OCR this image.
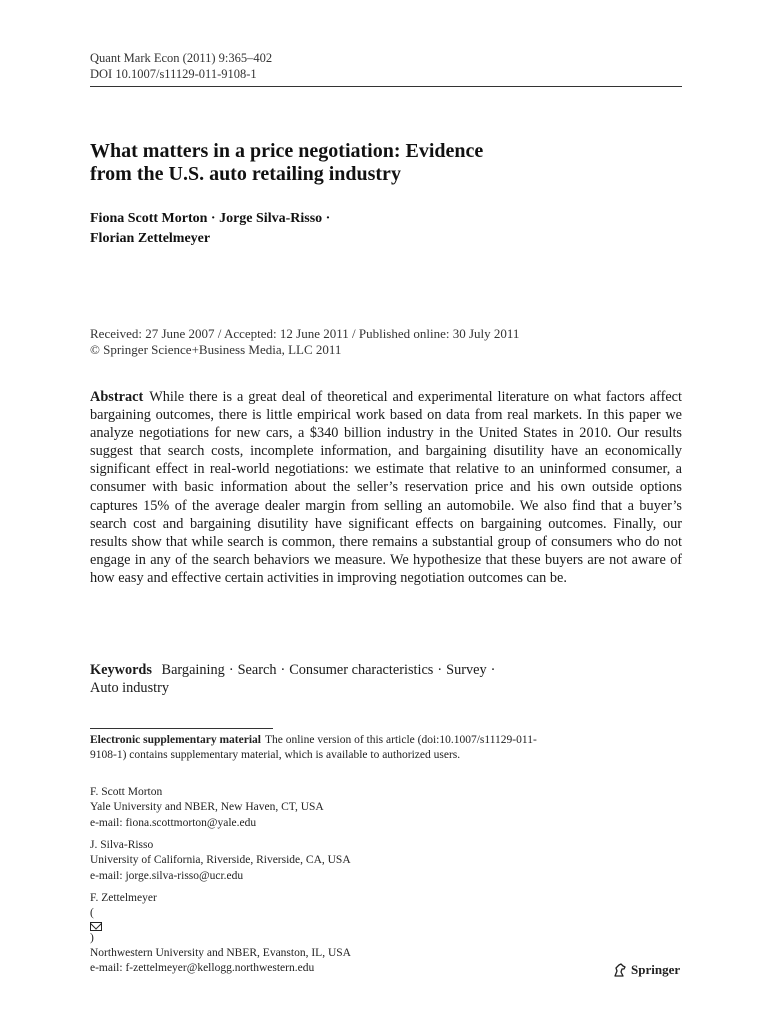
Quant Mark Econ (2011) 9:365–402
DOI 10.1007/s11129-011-9108-1
What matters in a price negotiation: Evidence
from the U.S. auto retailing industry
Fiona Scott Morton · Jorge Silva-Risso ·
Florian Zettelmeyer
Received: 27 June 2007 / Accepted: 12 June 2011 / Published online: 30 July 2011
© Springer Science+Business Media, LLC 2011
Abstract While there is a great deal of theoretical and experimental literature on what factors affect bargaining outcomes, there is little empirical work based on data from real markets. In this paper we analyze negotiations for new cars, a $340 billion industry in the United States in 2010. Our results suggest that search costs, incomplete information, and bargaining disutility have an economically significant effect in real-world negotiations: we estimate that relative to an uninformed consumer, a consumer with basic information about the seller’s reservation price and his own outside options captures 15% of the average dealer margin from selling an automobile. We also find that a buyer’s search cost and bargaining disutility have significant effects on bargaining outcomes. Finally, our results show that while search is common, there remains a substantial group of consumers who do not engage in any of the search behaviors we measure. We hypothesize that these buyers are not aware of how easy and effective certain activities in improving negotiation outcomes can be.
Keywords Bargaining · Search · Consumer characteristics · Survey ·
Auto industry
Electronic supplementary material The online version of this article (doi:10.1007/s11129-011-9108-1) contains supplementary material, which is available to authorized users.
F. Scott Morton
Yale University and NBER, New Haven, CT, USA
e-mail: fiona.scottmorton@yale.edu
J. Silva-Risso
University of California, Riverside, Riverside, CA, USA
e-mail: jorge.silva-risso@ucr.edu
F. Zettelmeyer
(
)
Northwestern University and NBER, Evanston, IL, USA
e-mail: f-zettelmeyer@kellogg.northwestern.edu	Springer
